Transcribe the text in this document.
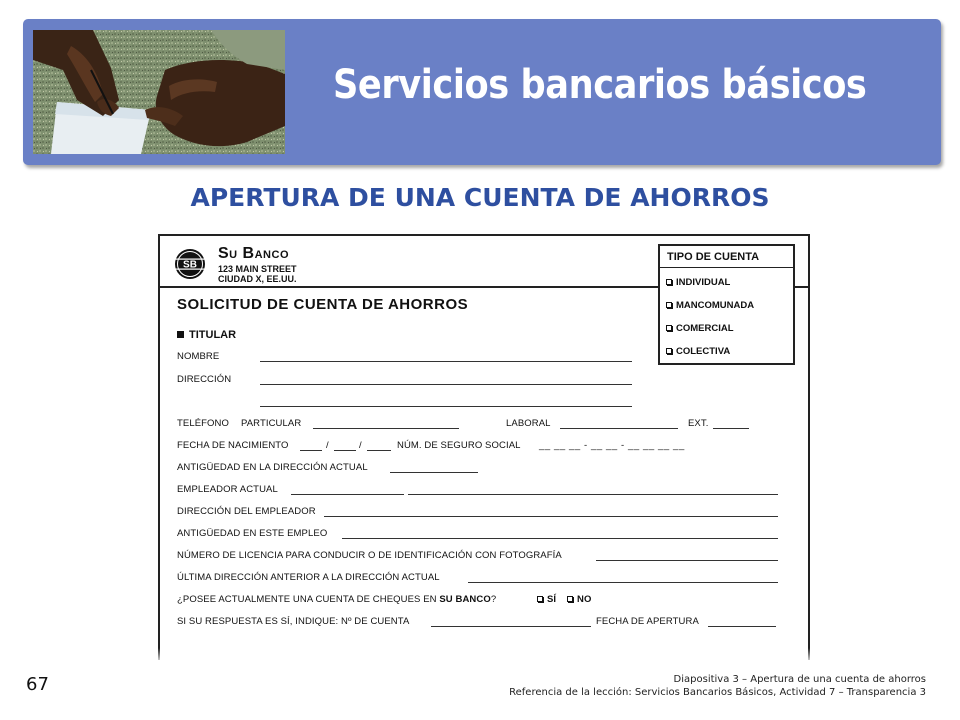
Servicios bancarios básicos
APERTURA DE UNA CUENTA DE AHORROS
SB
Su Banco
123 MAIN STREET
CIUDAD X, EE.UU.
TIPO DE CUENTA
INDIVIDUAL
MANCOMUNADA
COMERCIAL
COLECTIVA
SOLICITUD DE CUENTA DE AHORROS
TITULAR
NOMBRE
DIRECCIÓN
TELÉFONO PARTICULAR	LABORAL	EXT.
FECHA DE NACIMIENTO	/	/	NÚM. DE SEGURO SOCIAL __ __ __ - __ __ - __ __ __ __
ANTIGÜEDAD EN LA DIRECCIÓN ACTUAL
EMPLEADOR ACTUAL
DIRECCIÓN DEL EMPLEADOR
ANTIGÜEDAD EN ESTE EMPLEO
NÚMERO DE LICENCIA PARA CONDUCIR O DE IDENTIFICACIÓN CON FOTOGRAFÍA
ÚLTIMA DIRECCIÓN ANTERIOR A LA DIRECCIÓN ACTUAL
¿POSEE ACTUALMENTE UNA CUENTA DE CHEQUES EN SU BANCO?	SÍ	NO
SI SU RESPUESTA ES SÍ, INDIQUE: Nº DE CUENTA	FECHA DE APERTURA
67	Diapositiva 3 – Apertura de una cuenta de ahorros
Referencia de la lección: Servicios Bancarios Básicos, Actividad 7 – Transparencia 3
